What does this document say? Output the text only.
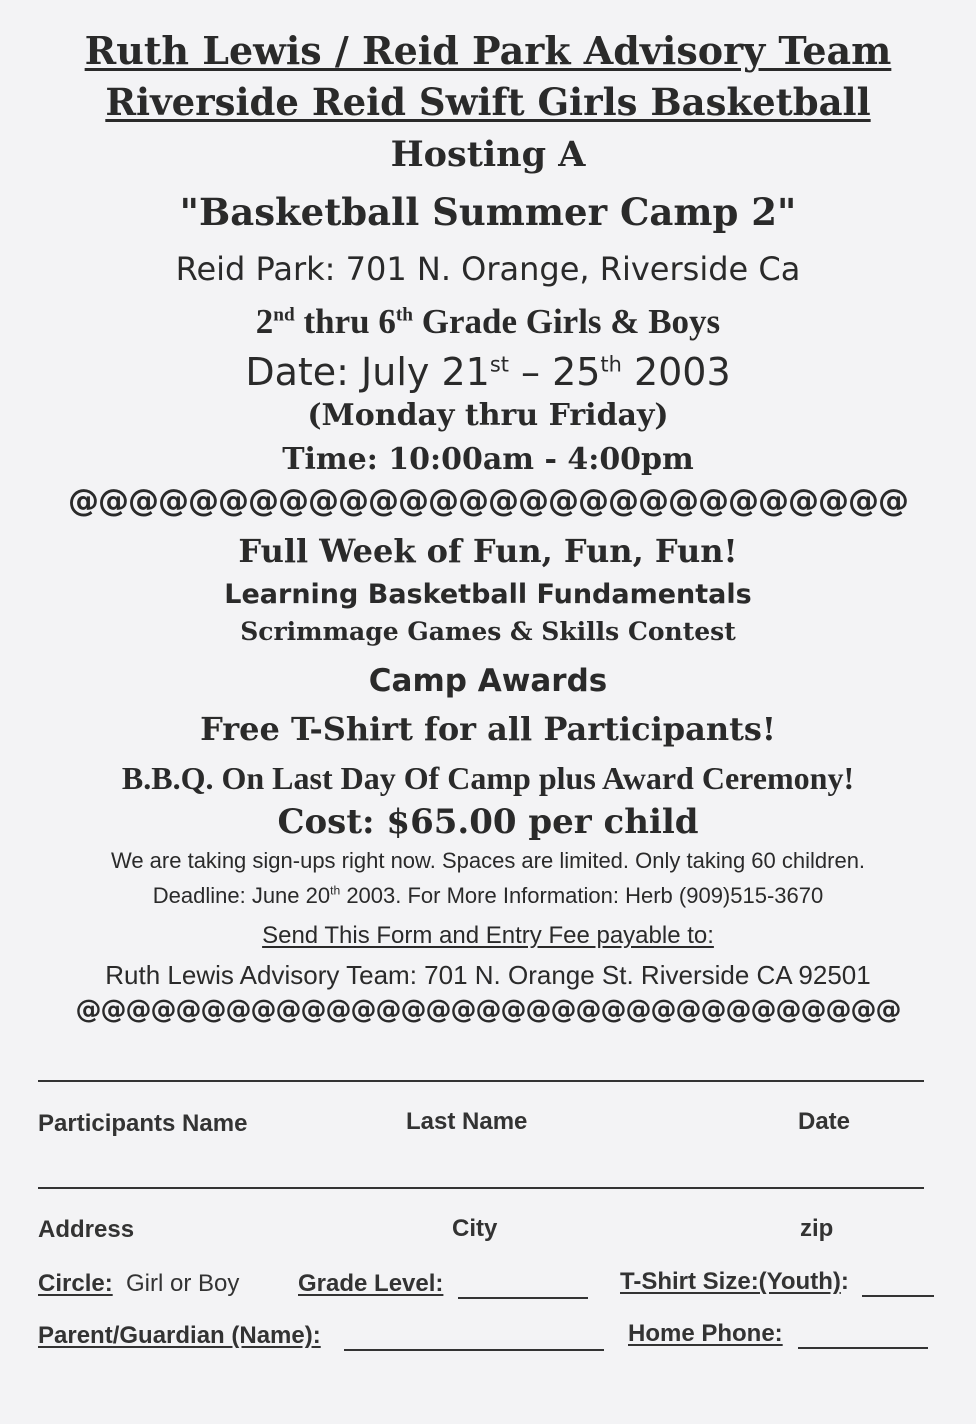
Ruth Lewis / Reid Park Advisory Team
Riverside Reid Swift Girls Basketball
Hosting A
"Basketball Summer Camp 2"
Reid Park: 701 N. Orange, Riverside Ca
2nd thru 6th Grade Girls & Boys
Date: July 21st – 25th 2003
(Monday thru Friday)
Time: 10:00am - 4:00pm
@@@@@@@@@@@@@@@@@@@@@@@@@@@@
Full Week of Fun, Fun, Fun!
Learning Basketball Fundamentals
Scrimmage Games & Skills Contest
Camp Awards
Free T-Shirt for all Participants!
B.B.Q. On Last Day Of Camp plus Award Ceremony!
Cost: $65.00 per child
We are taking sign-ups right now. Spaces are limited. Only taking 60 children.
Deadline: June 20th 2003. For More Information: Herb (909)515-3670
Send This Form and Entry Fee payable to:
Ruth Lewis Advisory Team: 701 N. Orange St. Riverside CA 92501
@@@@@@@@@@@@@@@@@@@@@@@@@@@@@@@@@
Participants Name	Last Name	Date
Address	City	zip
Circle: Girl or Boy Grade Level:	T-Shirt Size:(Youth):
Parent/Guardian (Name):	Home Phone:
